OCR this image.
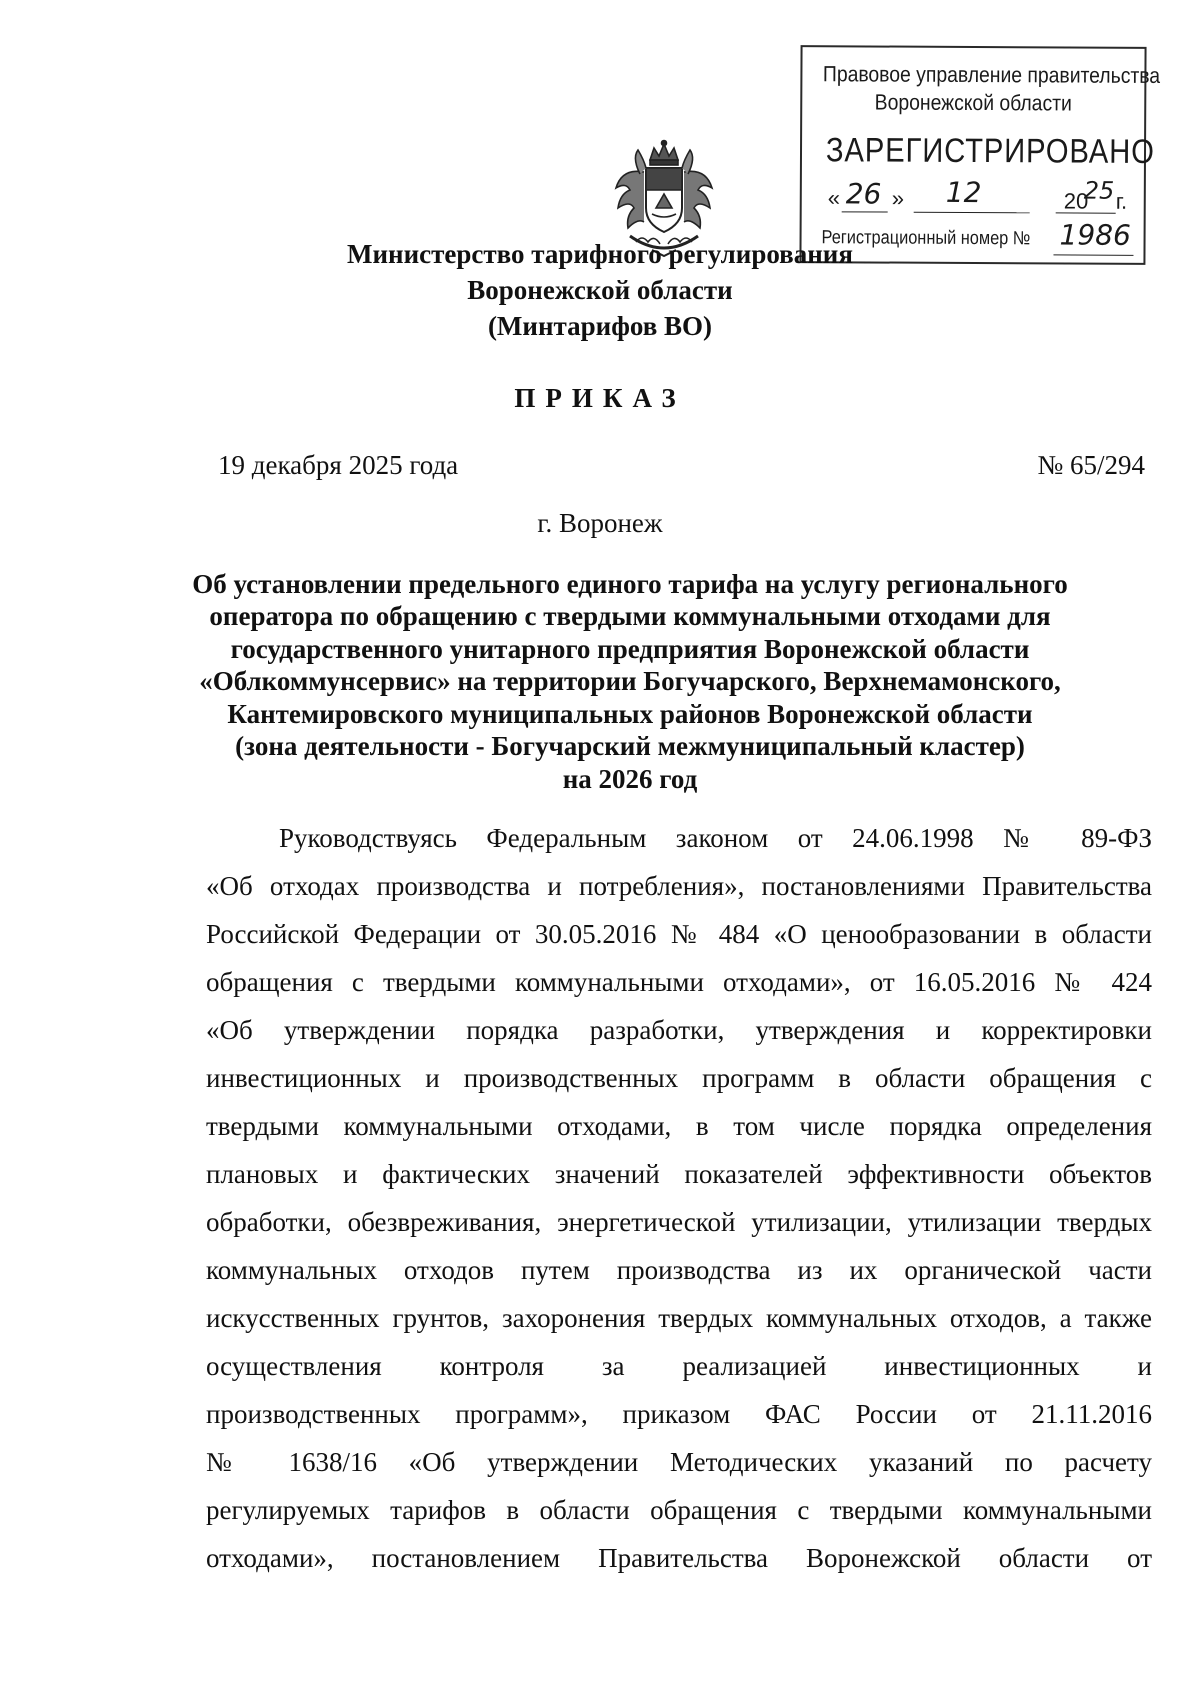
Правовое управление правительства
Воронежской области
ЗАРЕГИСТРИРОВАНО
« 26 » 12	20
25 г.
Регистрационный номер № 1986
Министерство тарифного регулирования
Воронежской области
(Минтарифов ВО)
ПРИКАЗ
19 декабря 2025 года	№ 65/294
г. Воронеж
Об установлении предельного единого тарифа на услугу регионального
оператора по обращению с твердыми коммунальными отходами для
государственного унитарного предприятия Воронежской области
«Облкоммунсервис» на территории Богучарского, Верхнемамонского,
Кантемировского муниципальных районов Воронежской области
(зона деятельности - Богучарский межмуниципальный кластер)
на 2026 год
Руководствуясь Федеральным законом от 24.06.1998 № 89-ФЗ
«Об отходах производства и потребления», постановлениями Правительства
Российской Федерации от 30.05.2016 № 484 «О ценообразовании в области
обращения с твердыми коммунальными отходами», от 16.05.2016 № 424
«Об утверждении порядка разработки, утверждения и корректировки
инвестиционных и производственных программ в области обращения с
твердыми коммунальными отходами, в том числе порядка определения
плановых и фактических значений показателей эффективности объектов
обработки, обезвреживания, энергетической утилизации, утилизации твердых
коммунальных отходов путем производства из их органической части
искусственных грунтов, захоронения твердых коммунальных отходов, а также
осуществления контроля за реализацией инвестиционных и
производственных программ», приказом ФАС России от 21.11.2016
№ 1638/16 «Об утверждении Методических указаний по расчету
регулируемых тарифов в области обращения с твердыми коммунальными
отходами», постановлением Правительства Воронежской области от
